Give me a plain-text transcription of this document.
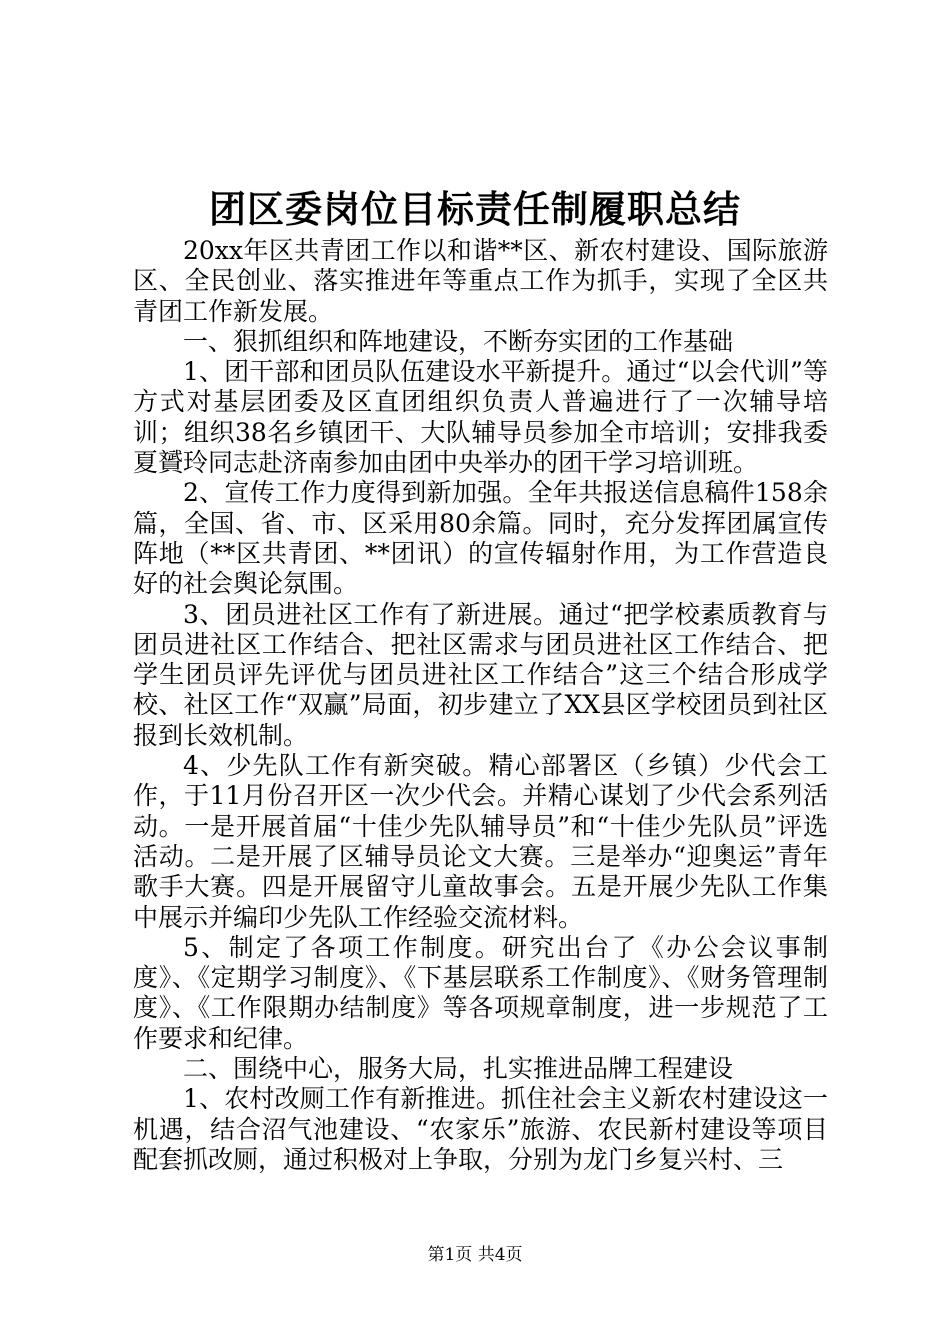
团区委岗位目标责任制履职总结

20xx年区共青团工作以和谐**区、新农村建设、国际旅游区、全民创业、落实推进年等重点工作为抓手，实现了全区共青团工作新发展。

一、狠抓组织和阵地建设，不断夯实团的工作基础

1、团干部和团员队伍建设水平新提升。通过“以会代训”等方式对基层团委及区直团组织负责人普遍进行了一次辅导培训；组织38名乡镇团干、大队辅导员参加全市培训；安排我委夏贇玲同志赴济南参加由团中央举办的团干学习培训班。

2、宣传工作力度得到新加强。全年共报送信息稿件158余篇，全国、省、市、区采用80余篇。同时，充分发挥团属宣传阵地（**区共青团、**团讯）的宣传辐射作用，为工作营造良好的社会舆论氛围。

3、团员进社区工作有了新进展。通过“把学校素质教育与团员进社区工作结合、把社区需求与团员进社区工作结合、把学生团员评先评优与团员进社区工作结合”这三个结合形成学校、社区工作“双赢”局面，初步建立了XX县区学校团员到社区报到长效机制。

4、少先队工作有新突破。精心部署区（乡镇）少代会工作，于11月份召开区一次少代会。并精心谋划了少代会系列活动。一是开展首届“十佳少先队辅导员”和“十佳少先队员”评选活动。二是开展了区辅导员论文大赛。三是举办“迎奥运”青年歌手大赛。四是开展留守儿童故事会。五是开展少先队工作集中展示并编印少先队工作经验交流材料。

5、制定了各项工作制度。研究出台了《办公会议事制度》、《定期学习制度》、《下基层联系工作制度》、《财务管理制度》、《工作限期办结制度》等各项规章制度，进一步规范了工作要求和纪律。

二、围绕中心，服务大局，扎实推进品牌工程建设

1、农村改厕工作有新推进。抓住社会主义新农村建设这一机遇，结合沼气池建设、“农家乐”旅游、农民新村建设等项目配套抓改厕，通过积极对上争取，分别为龙门乡复兴村、三

第1页 共4页
